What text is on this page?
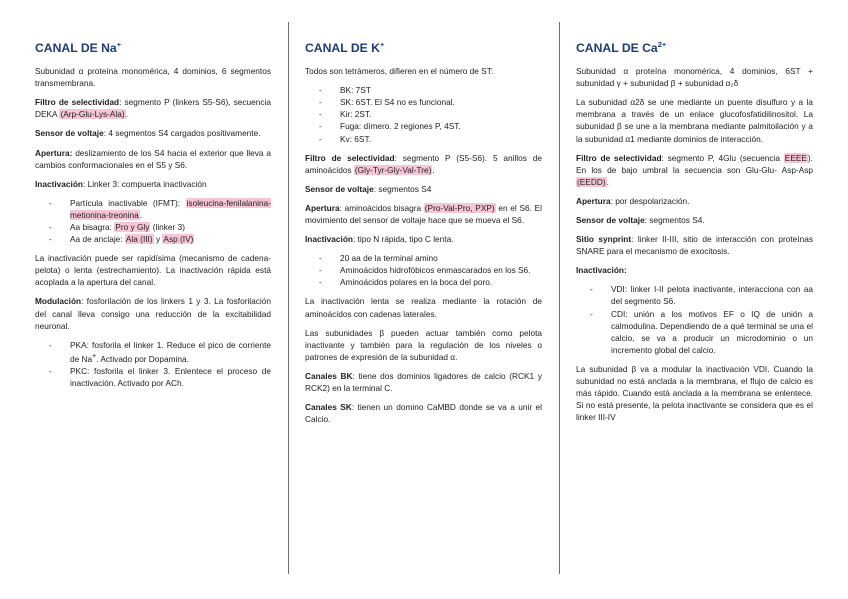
CANAL DE Na+

Subunidad α proteína monomérica, 4 dominios, 6 segmentos transmembrana.

Filtro de selectividad: segmento P (linkers S5-S6), secuencia DEKA (Arp-Glu-Lys-Ala).

Sensor de voltaje: 4 segmentos S4 cargados positivamente.

Apertura: deslizamiento de los S4 hacia el exterior que lleva a cambios conformacionales en el S5 y S6.

Inactivación: Linker 3: compuerta inactivación

- Partícula inactivable (IFMT): isoleucina-fenilalanina-metionina-treonina.
- Aa bisagra: Pro y Gly (linker 3)
- Aa de anclaje: Ala (III) y Asp (IV)

La inactivación puede ser rapidísima (mecanismo de cadena-pelota) o lenta (estrechamiento). La inactivación rápida está acoplada a la apertura del canal.

Modulación: fosforilación de los linkers 1 y 3. La fosforilación del canal lleva consigo una reducción de la excitabilidad neuronal.

- PKA: fosforila el linker 1. Reduce el pico de corriente de Na+. Activado por Dopamina.
- PKC: fosforila el linker 3. Enlentece el proceso de inactivación. Activado por ACh.
CANAL DE K+

Todos son tetrámeros, difieren en el número de ST:

- BK: 7ST
- SK: 6ST. El S4 no es funcional.
- Kir: 2ST.
- Fuga: dímero. 2 regiones P, 4ST.
- Kv: 6ST.

Filtro de selectividad: segmento P (S5-S6). 5 anillos de aminoácidos (Gly-Tyr-Gly-Val-Tre).

Sensor de voltaje: segmentos S4

Apertura: aminoácidos bisagra (Pro-Val-Pro, PXP) en el S6. El movimiento del sensor de voltaje hace que se mueva el S6.

Inactivación: tipo N rápida, tipo C lenta.

- 20 aa de la terminal amino
- Aminoácidos hidrofóbicos enmascarados en los S6.
- Aminoácidos polares en la boca del poro.

La inactivación lenta se realiza mediante la rotación de aminoácidos con cadenas laterales.

Las subunidades β pueden actuar también como pelota inactivante y también para la regulación de los niveles o patrones de expresión de la subunidad α.

Canales BK: tiene dos dominios ligadores de calcio (RCK1 y RCK2) en la terminal C.

Canales SK: tienen un domino CaMBD donde se va a unir el Calcio.

CANAL DE $Ca^{2+}$

Subunidad α proteína monomérica, 4 dominios, 6ST + subunidad γ + subunidad β + subunidad α₂δ

La subunidad α2δ se une mediante un puente disulfuro y a la membrana a través de un enlace glucofosfatidilinositol. La subunidad β se une a la membrana mediante palmitoilación y a la subunidad α1 mediante dominios de interacción.

Filtro de selectividad: segmento P, 4Glu (secuencia EEEE). En los de bajo umbral la secuencia son Glu-Glu- Asp-Asp (EEDD).

Apertura: por despolarización.

Sensor de voltaje: segmentos S4.

Sitio synprint: linker II-III, sitio de interacción con proteínas SNARE para el mecanismo de exocitosis.

Inactivación:

- VDI: linker I-II pelota inactivante, interacciona con aa del segmento S6.
- CDI: unión a los motivos EF o IQ de unión a calmodulina. Dependiendo de a qué terminal se una el calcio, se va a producir un microdominio o un incremento global del calcio.

La subunidad β va a modular la inactivación VDI. Cuando la subunidad no está anclada a la membrana, el flujo de calcio es más rápido. Cuando está anclada a la membrana se enlentece. Si no está presente, la pelota inactivante se considera que es el linker III-IV
